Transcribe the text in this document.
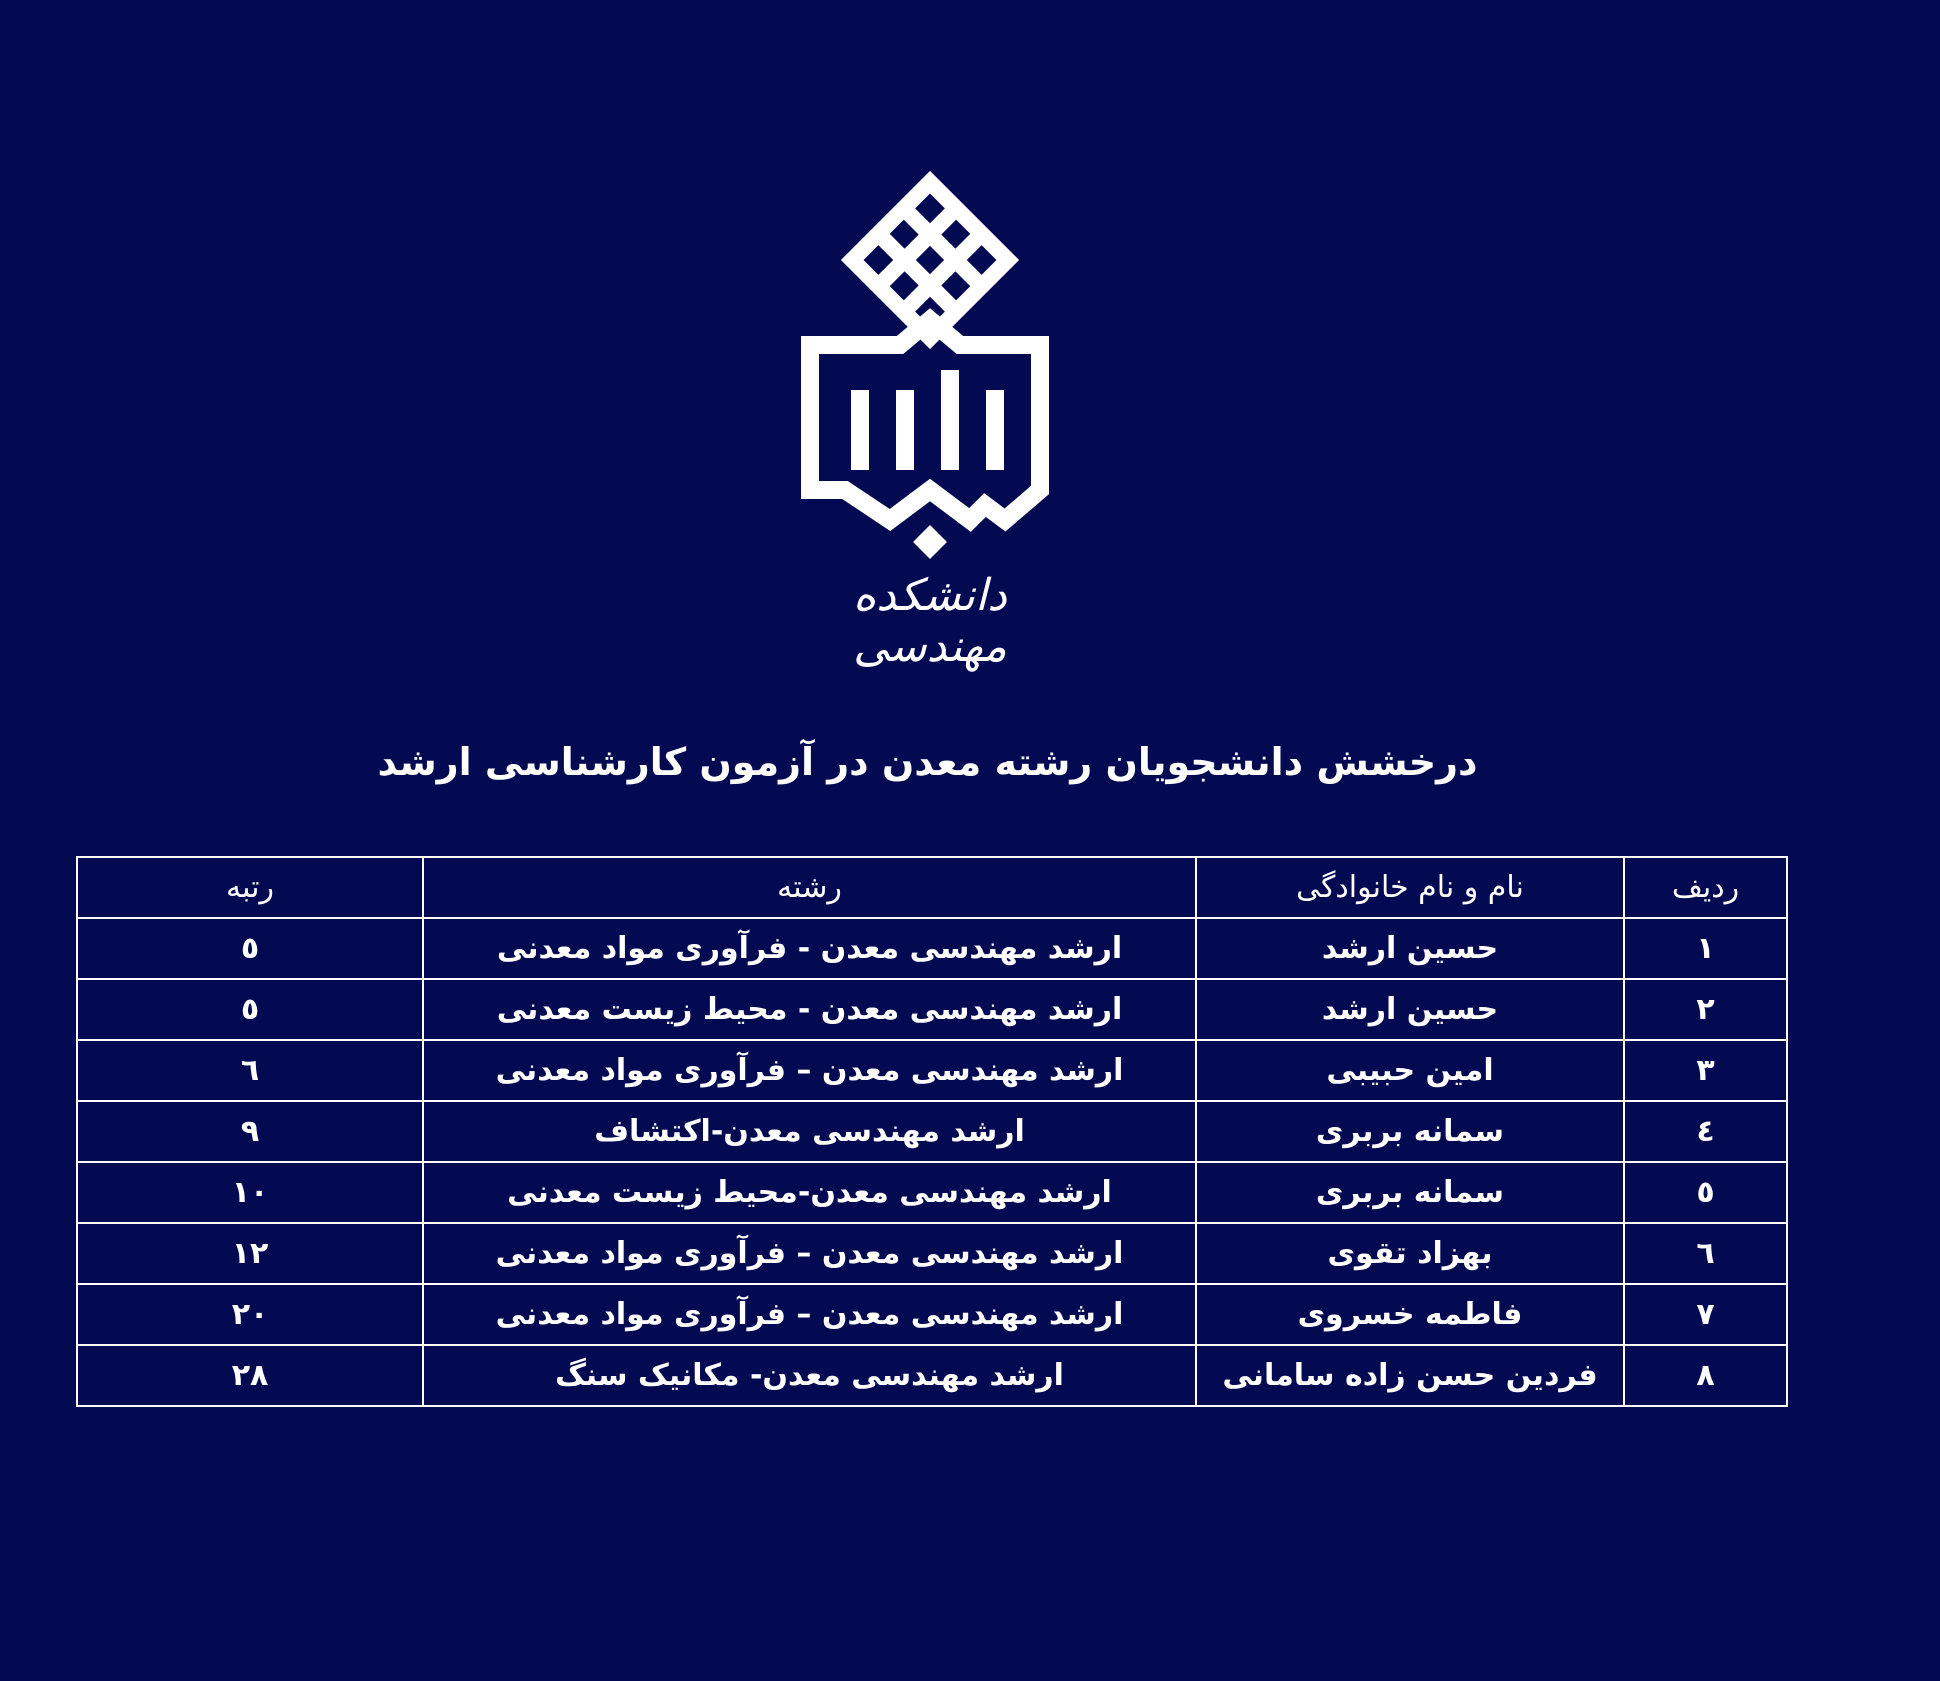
دانشکده مهندسی
درخشش دانشجویان رشته معدن در آزمون کارشناسی ارشد
ردیف	نام و نام خانوادگی	رشته	رتبه
١	حسین ارشد	ارشد مهندسی معدن - فرآوری مواد معدنی	٥
٢	حسین ارشد	ارشد مهندسی معدن - محیط زیست معدنی	٥
٣	امین حبیبی	ارشد مهندسی معدن – فرآوری مواد معدنی	٦
٤	سمانه بربری	ارشد مهندسی معدن-اکتشاف	٩
٥	سمانه بربری	ارشد مهندسی معدن-محیط زیست معدنی	١٠
٦	بهزاد تقوی	ارشد مهندسی معدن – فرآوری مواد معدنی	١٢
٧	فاطمه خسروی	ارشد مهندسی معدن – فرآوری مواد معدنی	٢٠
٨	فردین حسن زاده سامانی	ارشد مهندسی معدن- مکانیک سنگ	٢٨
